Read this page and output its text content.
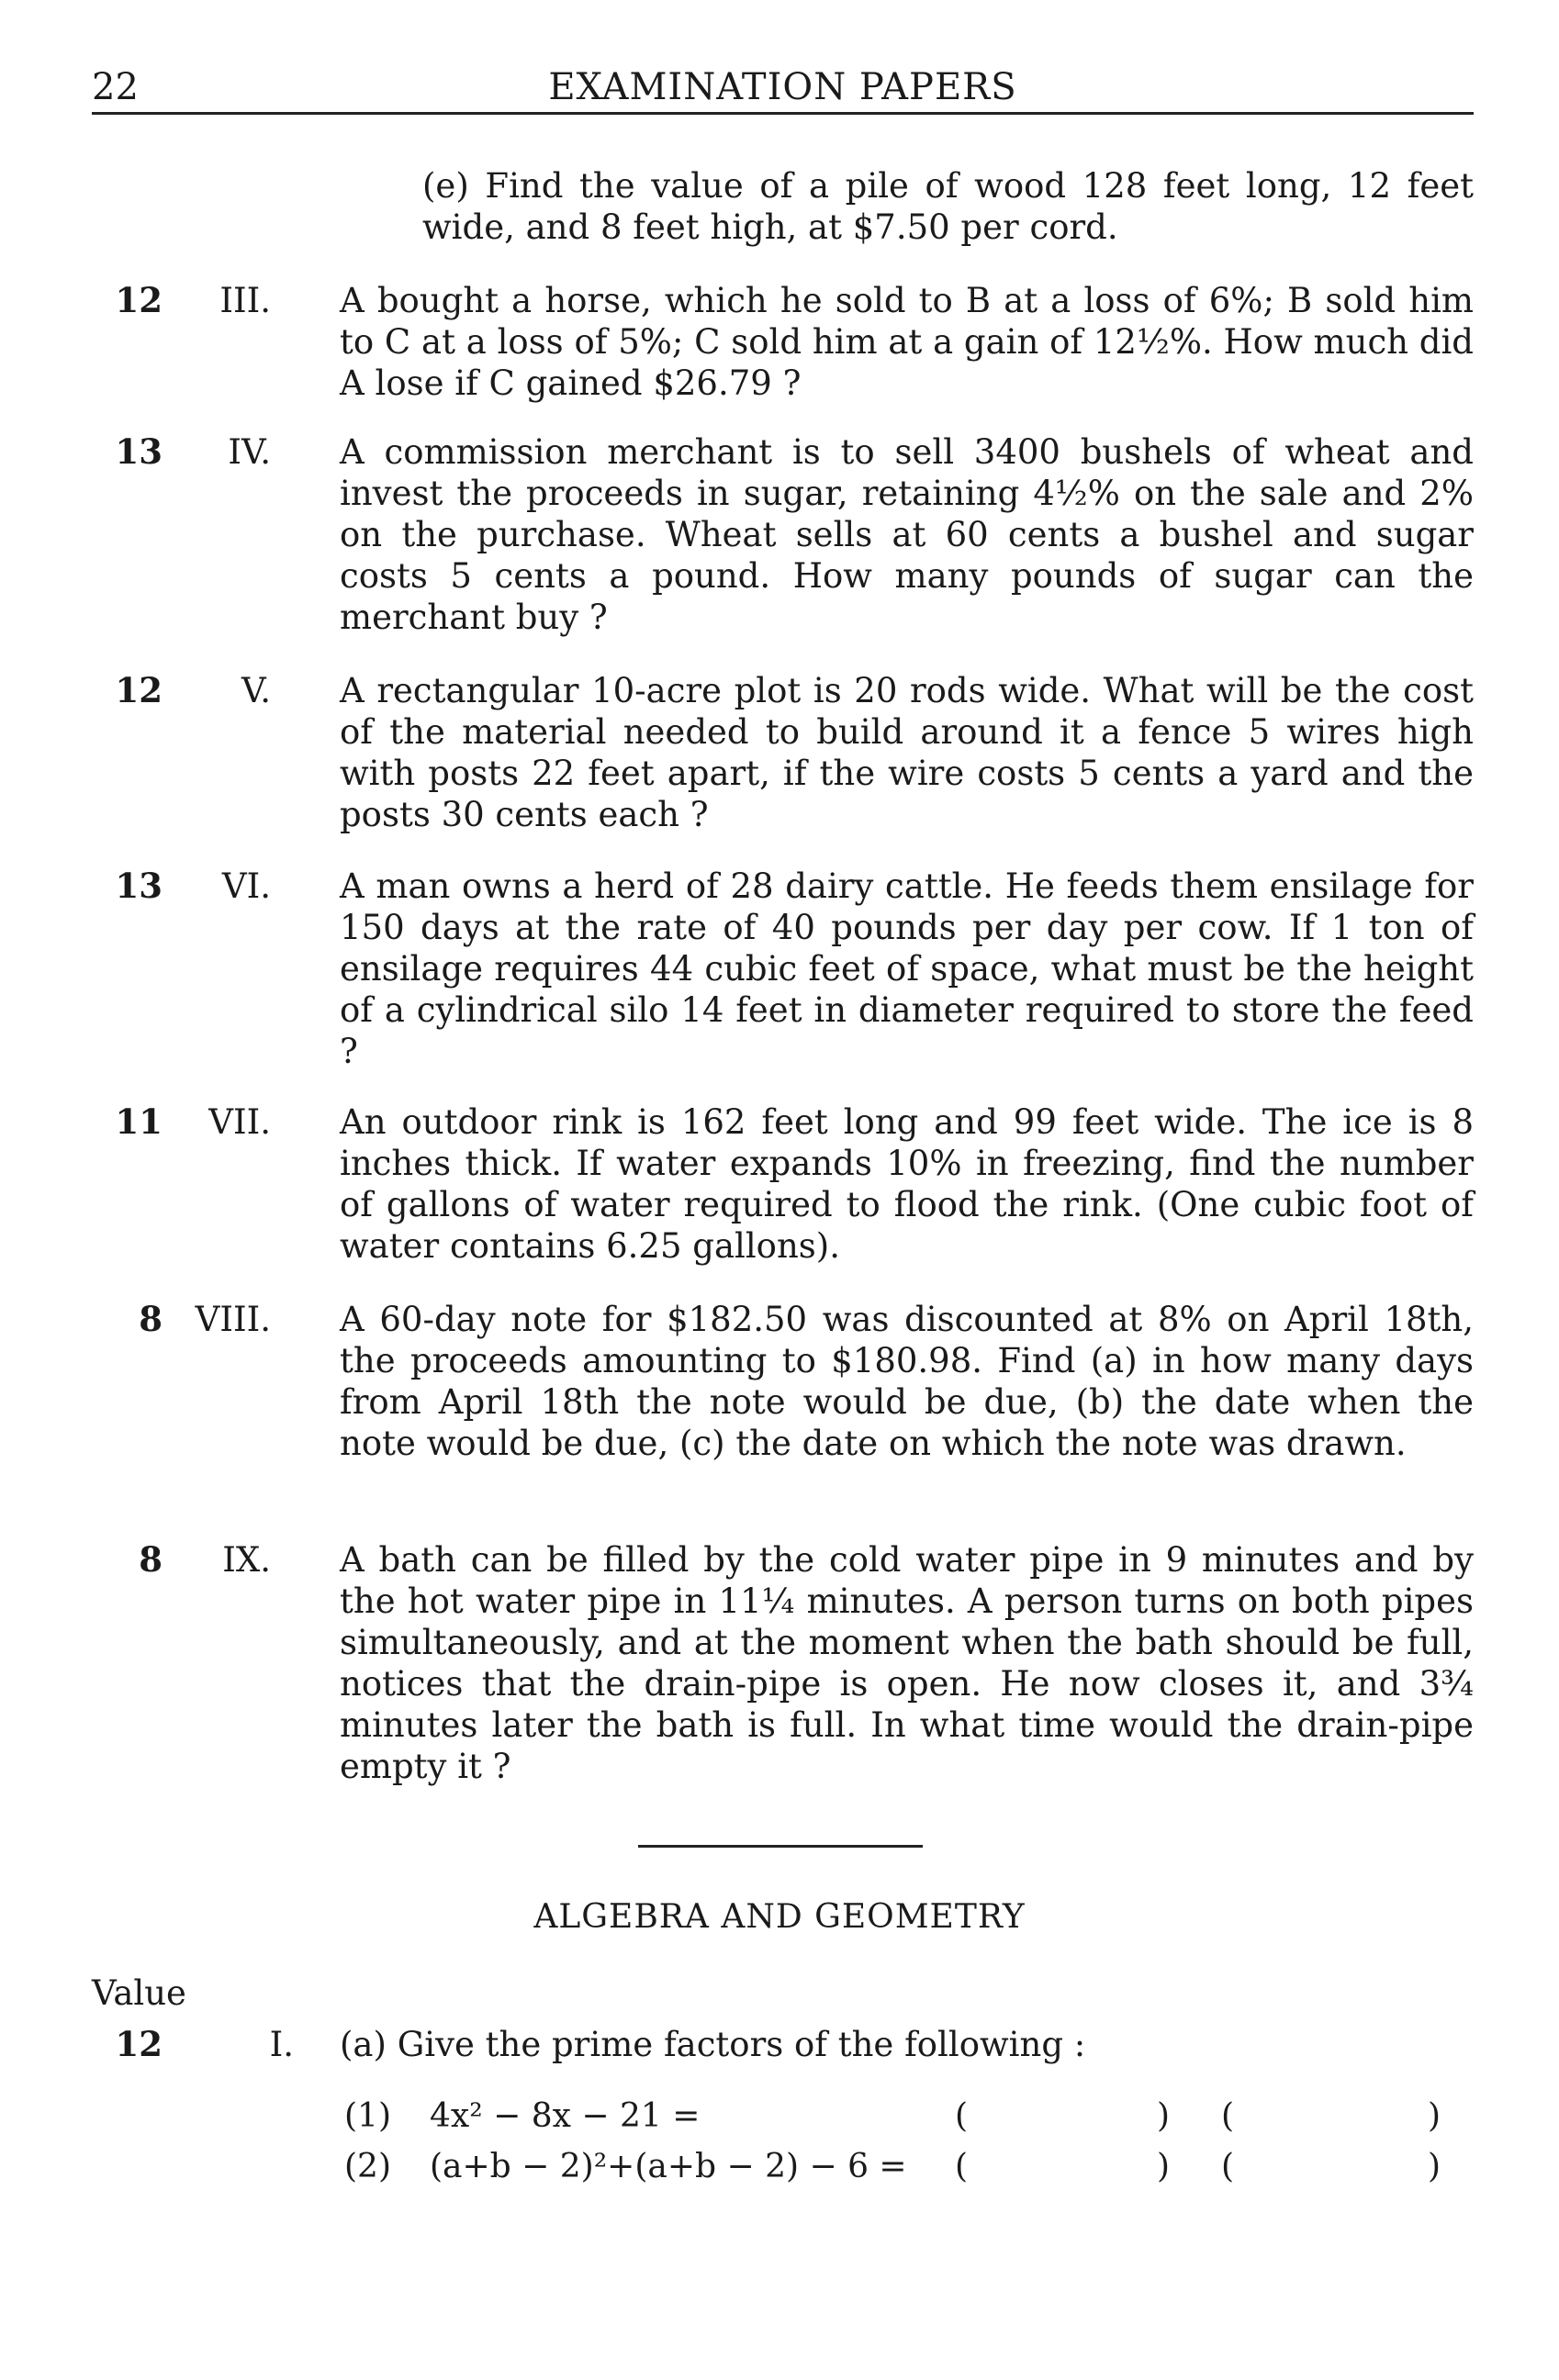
22	EXAMINATION PAPERS

(e) Find the value of a pile of wood 128 feet long, 12 feet wide, and 8 feet high, at $7.50 per cord.

12	III. A bought a horse, which he sold to B at a loss of 6%; B sold him to C at a loss of 5%; C sold him at a gain of 12½%. How much did A lose if C gained $26.79 ?

13	IV. A commission merchant is to sell 3400 bushels of wheat and invest the proceeds in sugar, retaining 4½% on the sale and 2% on the purchase. Wheat sells at 60 cents a bushel and sugar costs 5 cents a pound. How many pounds of sugar can the merchant buy ?

12	V. A rectangular 10-acre plot is 20 rods wide. What will be the cost of the material needed to build around it a fence 5 wires high with posts 22 feet apart, if the wire costs 5 cents a yard and the posts 30 cents each ?

13	VI. A man owns a herd of 28 dairy cattle. He feeds them ensilage for 150 days at the rate of 40 pounds per day per cow. If 1 ton of ensilage requires 44 cubic feet of space, what must be the height of a cylindrical silo 14 feet in diameter required to store the feed ?

11	VII. An outdoor rink is 162 feet long and 99 feet wide. The ice is 8 inches thick. If water expands 10% in freezing, find the number of gallons of water required to flood the rink. (One cubic foot of water contains 6.25 gallons).

8 VIII. A 60-day note for $182.50 was discounted at 8% on April 18th, the proceeds amounting to $180.98. Find (a) in how many days from April 18th the note would be due, (b) the date when the note would be due, (c) the date on which the note was drawn.

8	IX. A bath can be filled by the cold water pipe in 9 minutes and by the hot water pipe in 11¼ minutes. A person turns on both pipes simultaneously, and at the moment when the bath should be full, notices that the drain-pipe is open. He now closes it, and 3¾ minutes later the bath is full. In what time would the drain-pipe empty it ?

ALGEBRA AND GEOMETRY
Value
12	I. (a) Give the prime factors of the following :

(1) 4x² − 8x − 21 =	(	) (	)
(2) (a+b − 2)²+(a+b − 2) − 6 = (	) (	)
